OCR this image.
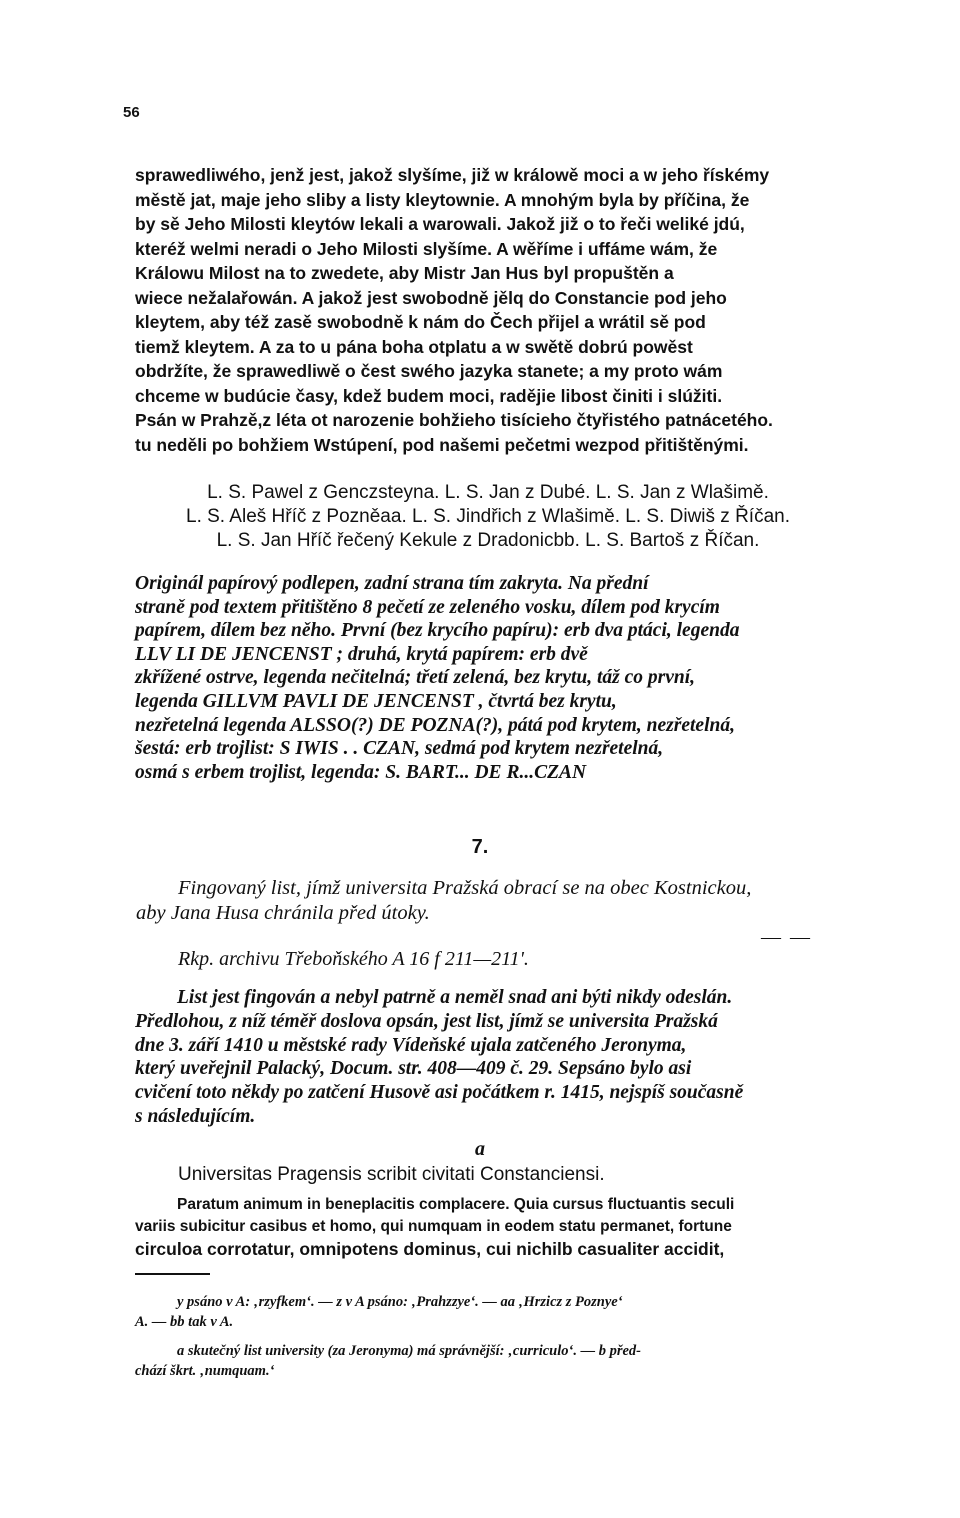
56
sprawedliwého, jenž jest, jakož slyšíme, již w králowě moci a w jeho řískémy
městě jat, maje jeho sliby a listy kleytownie. A mnohým byla by příčina, že
by sě Jeho Milosti kleytów lekali a warowali. Jakož již o to řeči weliké jdú,
kteréž welmi neradi o Jeho Milosti slyšíme. A wěříme i uffáme wám, že
Králowu Milost na to zwedete, aby Mistr Jan Hus byl propuštěn a
wiece nežalařowán. A jakož jest swobodně jělq do Constancie pod jeho
kleytem, aby též zasě swobodně k nám do Čech přijel a wrátil sě pod
tiemž kleytem. A za to u pána boha otplatu a w swětě dobrú powěst
obdržíte, že sprawedliwě o čest swého jazyka stanete; a my proto wám
chceme w budúcie časy, kdež budem moci, radějie libost činiti i slúžiti.
Psán w Prahzě,z léta ot narozenie bohžieho tisícieho čtyřistého patnácetého.
tu neděli po bohžiem Wstúpení, pod našemi pečetmi wezpod přitištěnými.
L. S. Pawel z Genczsteyna. L. S. Jan z Dubé. L. S. Jan z Wlašimě.
L. S. Aleš Hříč z Pozněaa. L. S. Jindřich z Wlašimě. L. S. Diwiš z Říčan.
L. S. Jan Hříč řečený Kekule z Dradonicbb. L. S. Bartoš z Říčan.
Originál papírový podlepen, zadní strana tím zakryta. Na přední
straně pod textem přitištěno 8 pečetí ze zeleného vosku, dílem pod krycím
papírem, dílem bez něho. První (bez krycího papíru): erb dva ptáci, legenda
LLV LI DE JENCENST ; druhá, krytá papírem: erb dvě
zkřížené ostrve, legenda nečitelná; třetí zelená, bez krytu, táž co první,
legenda GILLVM PAVLI DE JENCENST , čtvrtá bez krytu,
nezřetelná legenda ALSSO(?) DE POZNA(?), pátá pod krytem, nezřetelná,
šestá: erb trojlist: S IWIS . . CZAN, sedmá pod krytem nezřetelná,
osmá s erbem trojlist, legenda: S. BART... DE R...CZAN
7.
Fingovaný list, jímž universita Pražská obrací se na obec Kostnickou,
aby Jana Husa chránila před útoky.
— —
Rkp. archivu Třeboňského A 16 f 211—211'.
List jest fingován a nebyl patrně a neměl snad ani býti nikdy odeslán.
Předlohou, z níž téměř doslova opsán, jest list, jímž se universita Pražská
dne 3. září 1410 u městské rady Vídeňské ujala zatčeného Jeronyma,
který uveřejnil Palacký, Docum. str. 408—409 č. 29. Sepsáno bylo asi
cvičení toto někdy po zatčení Husově asi počátkem r. 1415, nejspíš současně
s následujícím.
a
Universitas Pragensis scribit civitati Constanciensi.
Paratum animum in beneplacitis complacere. Quia cursus fluctuantis seculi
variis subicitur casibus et homo, qui numquam in eodem statu permanet, fortune
circuloa corrotatur, omnipotens dominus, cui nichilb casualiter accidit,
y psáno v A: ‚rzyfkem‘. — z v A psáno: ‚Prahzzye‘. — aa ‚Hrzicz z Poznye‘
A. — bb tak v A.
a skutečný list university (za Jeronyma) má správnější: ‚curriculo‘. — b před-
chází škrt. ‚numquam.‘
